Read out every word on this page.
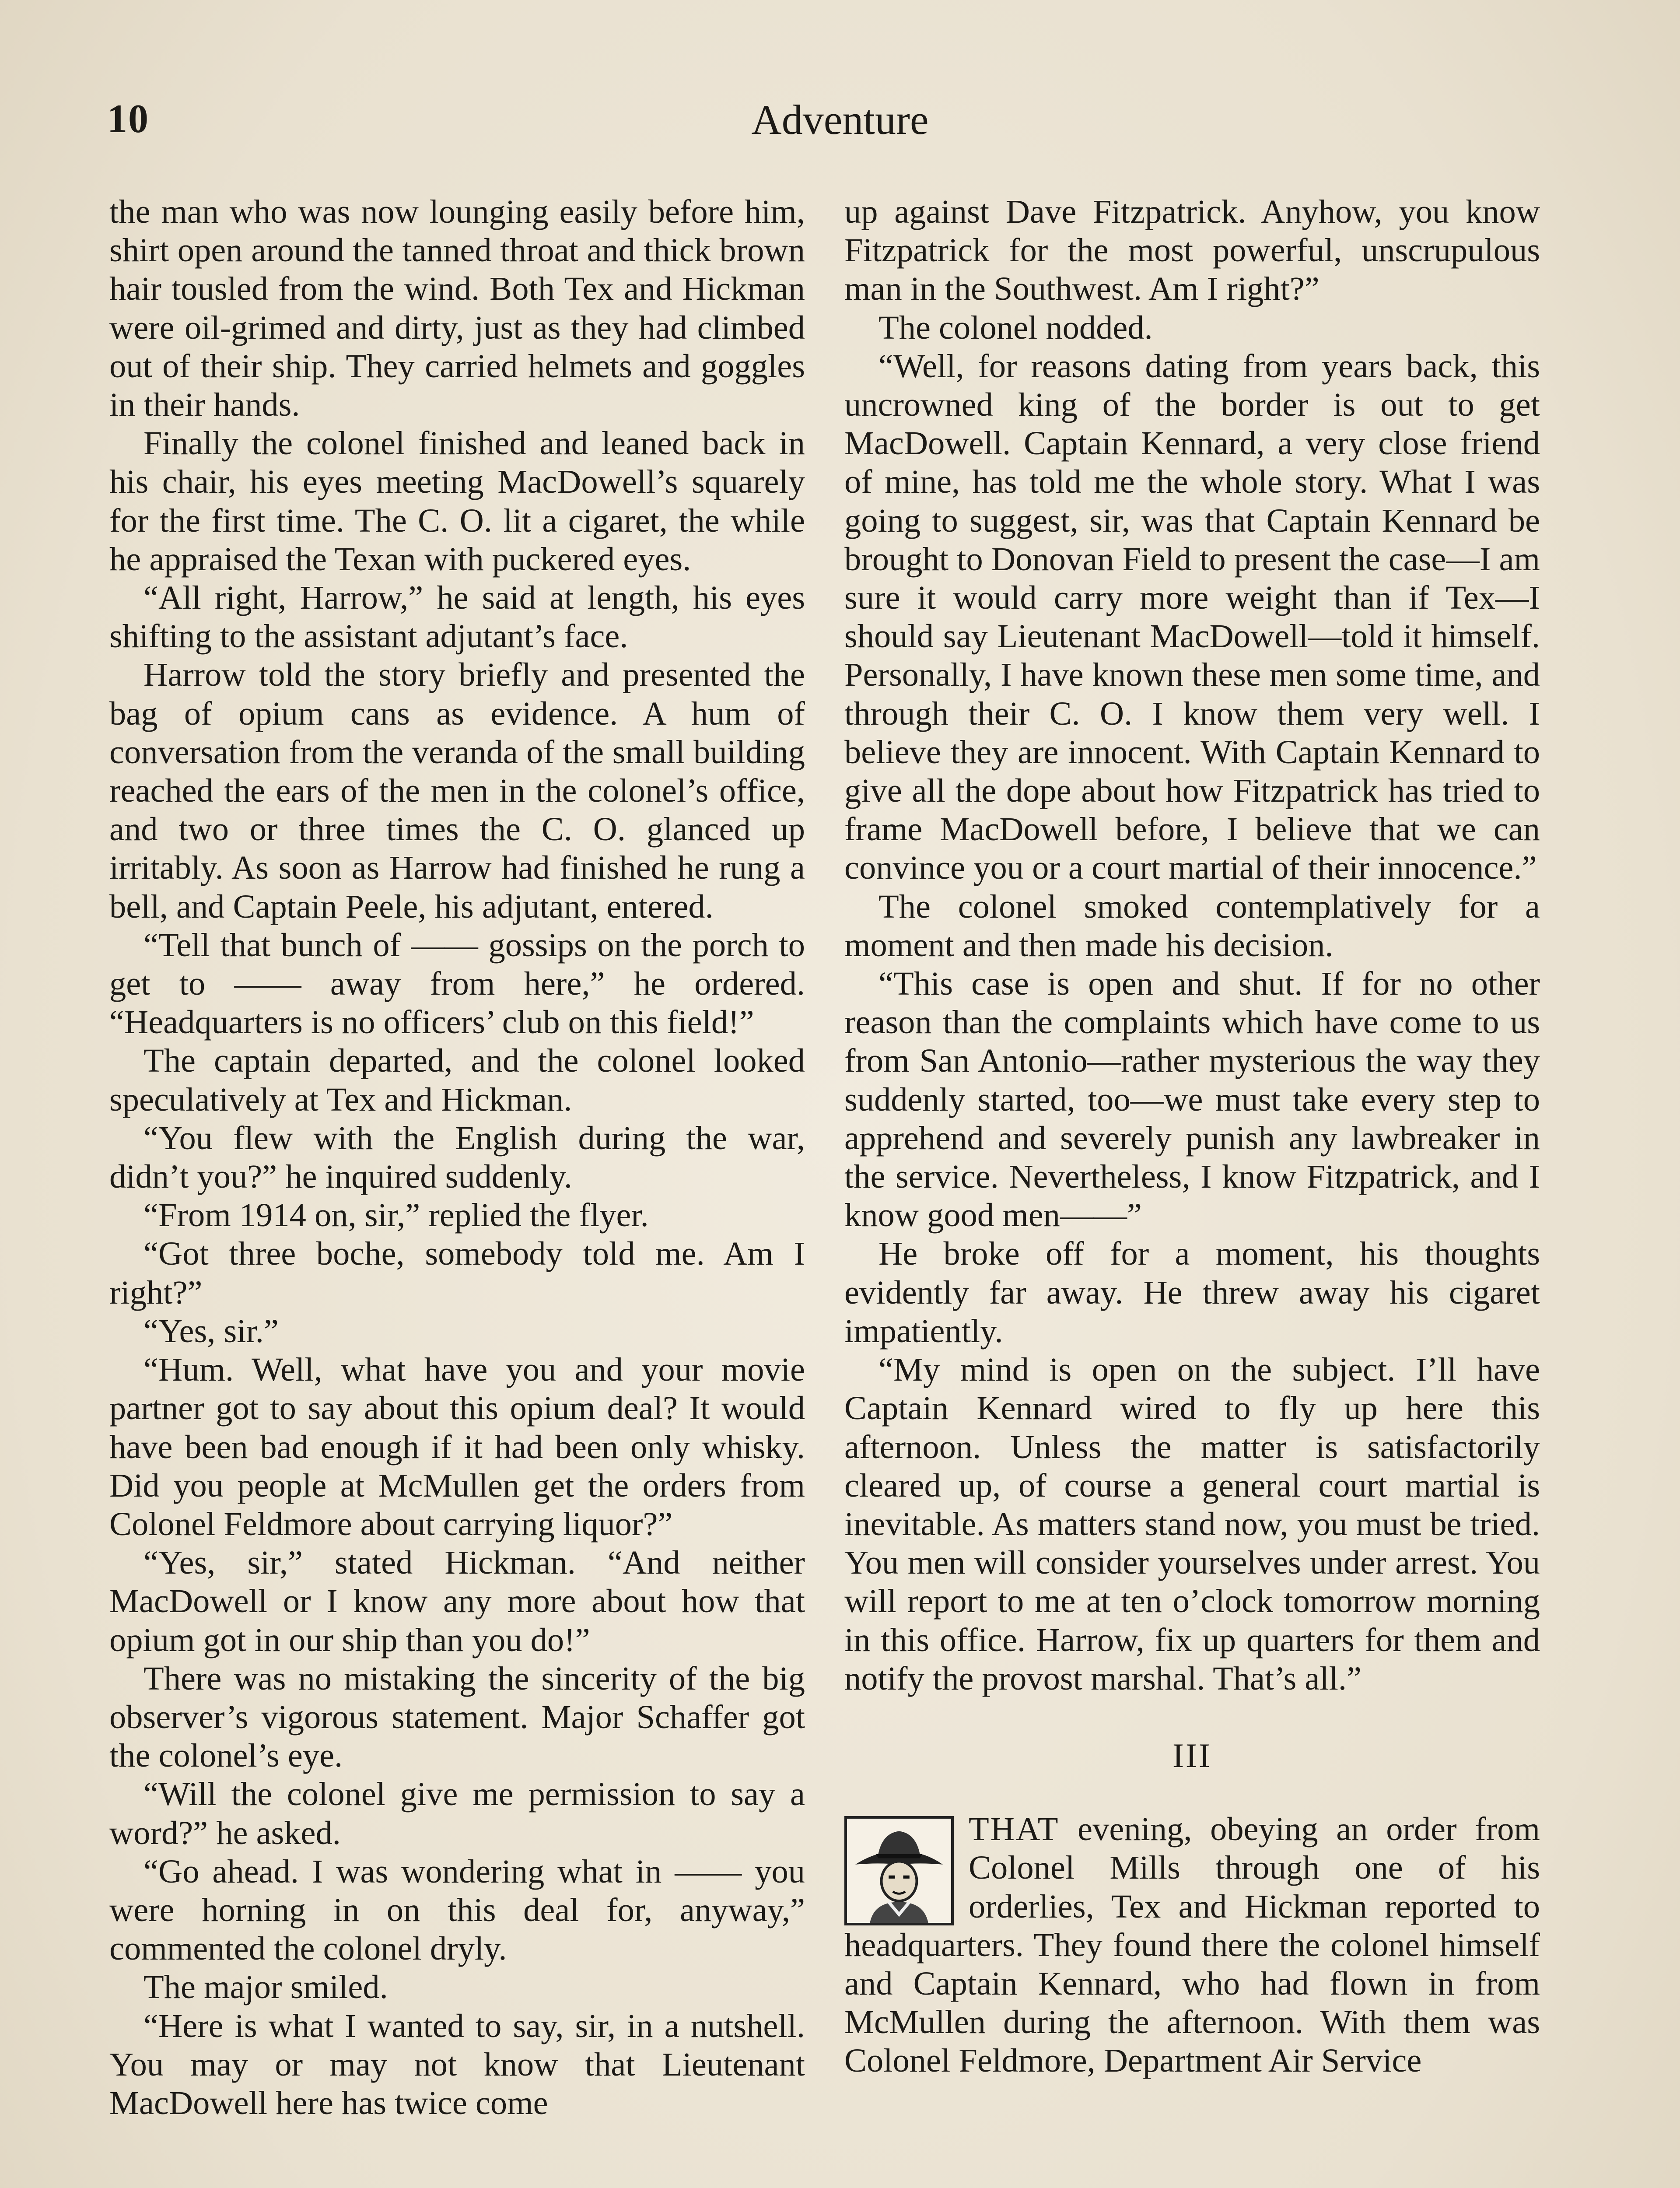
10	Adventure

the man who was now lounging easily before him, shirt open around the tanned throat and thick brown hair tousled from the wind. Both Tex and Hickman were oil-grimed and dirty, just as they had climbed out of their ship. They carried helmets and goggles in their hands.

Finally the colonel finished and leaned back in his chair, his eyes meeting MacDowell’s squarely for the first time. The C. O. lit a cigaret, the while he appraised the Texan with puckered eyes.

“All right, Harrow,” he said at length, his eyes shifting to the assistant adjutant’s face.

Harrow told the story briefly and presented the bag of opium cans as evidence. A hum of conversation from the veranda of the small building reached the ears of the men in the colonel’s office, and two or three times the C. O. glanced up irritably. As soon as Harrow had finished he rung a bell, and Captain Peele, his adjutant, entered.

“Tell that bunch of —— gossips on the porch to get to —— away from here,” he ordered. “Headquarters is no officers’ club on this field!”

The captain departed, and the colonel looked speculatively at Tex and Hickman.

“You flew with the English during the war, didn’t you?” he inquired suddenly.

“From 1914 on, sir,” replied the flyer.

“Got three boche, somebody told me. Am I right?”

“Yes, sir.”

“Hum. Well, what have you and your movie partner got to say about this opium deal? It would have been bad enough if it had been only whisky. Did you people at McMullen get the orders from Colonel Feldmore about carrying liquor?”

“Yes, sir,” stated Hickman. “And neither MacDowell or I know any more about how that opium got in our ship than you do!”

There was no mistaking the sincerity of the big observer’s vigorous statement. Major Schaffer got the colonel’s eye.

“Will the colonel give me permission to say a word?” he asked.

“Go ahead. I was wondering what in —— you were horning in on this deal for, anyway,” commented the colonel dryly.

The major smiled.

“Here is what I wanted to say, sir, in a nutshell. You may or may not know that Lieutenant MacDowell here has twice come

up against Dave Fitzpatrick. Anyhow, you know Fitzpatrick for the most powerful, unscrupulous man in the Southwest. Am I right?”

The colonel nodded.

“Well, for reasons dating from years back, this uncrowned king of the border is out to get MacDowell. Captain Kennard, a very close friend of mine, has told me the whole story. What I was going to suggest, sir, was that Captain Kennard be brought to Donovan Field to present the case—I am sure it would carry more weight than if Tex—I should say Lieutenant MacDowell—told it himself. Personally, I have known these men some time, and through their C. O. I know them very well. I believe they are innocent. With Captain Kennard to give all the dope about how Fitzpatrick has tried to frame MacDowell before, I believe that we can convince you or a court martial of their innocence.”

The colonel smoked contemplatively for a moment and then made his decision.

“This case is open and shut. If for no other reason than the complaints which have come to us from San Antonio—rather mysterious the way they suddenly started, too—we must take every step to apprehend and severely punish any lawbreaker in the service. Nevertheless, I know Fitzpatrick, and I know good men——”

He broke off for a moment, his thoughts evidently far away. He threw away his cigaret impatiently.

“My mind is open on the subject. I’ll have Captain Kennard wired to fly up here this afternoon. Unless the matter is satisfactorily cleared up, of course a general court martial is inevitable. As matters stand now, you must be tried. You men will consider yourselves under arrest. You will report to me at ten o’clock tomorrow morning in this office. Harrow, fix up quarters for them and notify the provost marshal. That’s all.”

III

THAT evening, obeying an order from Colonel Mills through one of his orderlies, Tex and Hickman reported to headquarters. They found there the colonel himself and Captain Kennard, who had flown in from McMullen during the afternoon. With them was Colonel Feldmore, Department Air Service
